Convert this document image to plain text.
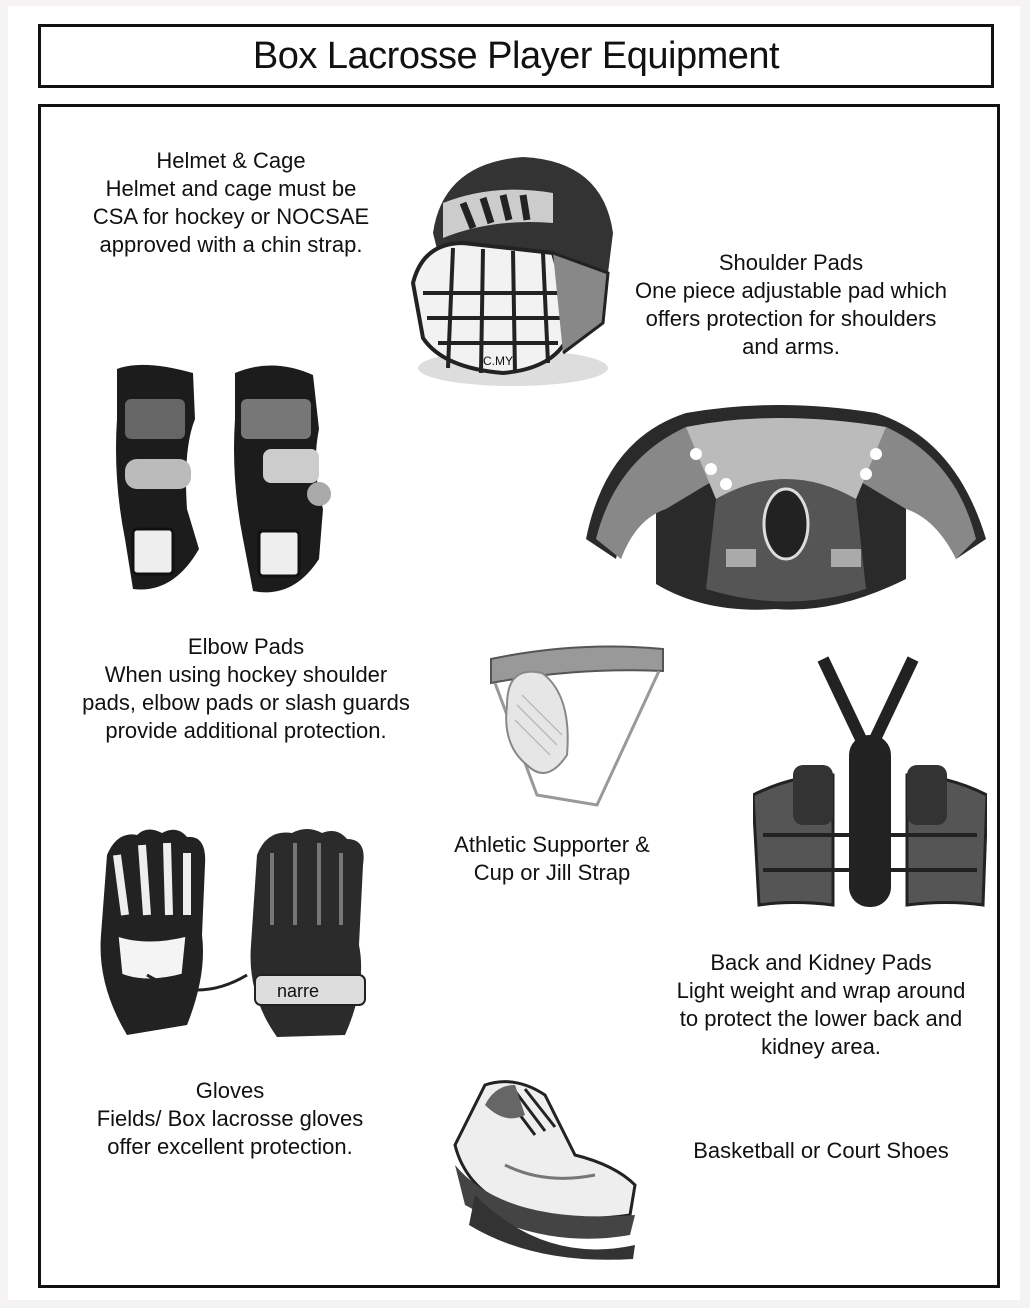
Box Lacrosse Player Equipment
Helmet & Cage
Helmet and cage must be CSA for hockey or NOCSAE approved with a chin strap.
C.MY
Shoulder Pads
One piece adjustable pad which offers protection for shoulders and arms.
Elbow Pads
When using hockey shoulder pads, elbow pads or slash guards provide additional protection.
Athletic Supporter & Cup or Jill Strap
narre
Back and Kidney Pads
Light weight and wrap around to protect the lower back and kidney area.
Gloves
Fields/ Box lacrosse gloves offer excellent protection.	Basketball or Court Shoes
